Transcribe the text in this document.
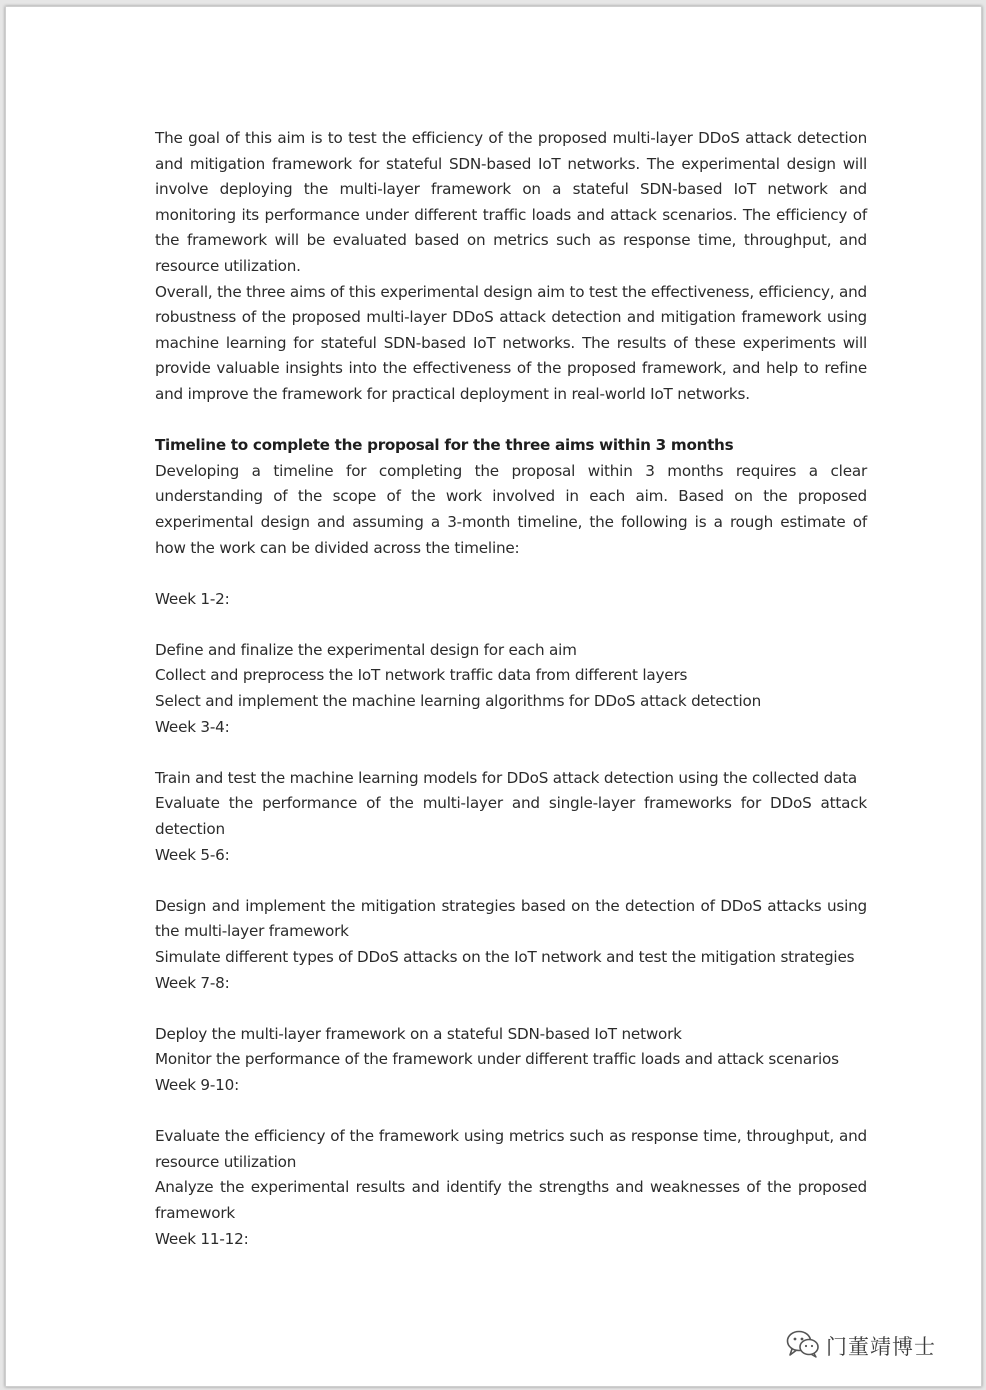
The goal of this aim is to test the efficiency of the proposed multi-layer DDoS attack detection and mitigation framework for stateful SDN-based IoT networks. The experimental design will involve deploying the multi-layer framework on a stateful SDN-based IoT network and monitoring its performance under different traffic loads and attack scenarios. The efficiency of the framework will be evaluated based on metrics such as response time, throughput, and resource utilization.

Overall, the three aims of this experimental design aim to test the effectiveness, efficiency, and robustness of the proposed multi-layer DDoS attack detection and mitigation framework using machine learning for stateful SDN-based IoT networks. The results of these experiments will provide valuable insights into the effectiveness of the proposed framework, and help to refine and improve the framework for practical deployment in real-world IoT networks.

Timeline to complete the proposal for the three aims within 3 months

Developing a timeline for completing the proposal within 3 months requires a clear understanding of the scope of the work involved in each aim. Based on the proposed experimental design and assuming a 3-month timeline, the following is a rough estimate of how the work can be divided across the timeline:

Week 1-2:

Define and finalize the experimental design for each aim

Collect and preprocess the IoT network traffic data from different layers

Select and implement the machine learning algorithms for DDoS attack detection

Week 3-4:

Train and test the machine learning models for DDoS attack detection using the collected data

Evaluate the performance of the multi-layer and single-layer frameworks for DDoS attack detection

Week 5-6:

Design and implement the mitigation strategies based on the detection of DDoS attacks using the multi-layer framework

Simulate different types of DDoS attacks on the IoT network and test the mitigation strategies

Week 7-8:

Deploy the multi-layer framework on a stateful SDN-based IoT network

Monitor the performance of the framework under different traffic loads and attack scenarios

Week 9-10:

Evaluate the efficiency of the framework using metrics such as response time, throughput, and resource utilization

Analyze the experimental results and identify the strengths and weaknesses of the proposed framework

Week 11-12:

门董靖博士
